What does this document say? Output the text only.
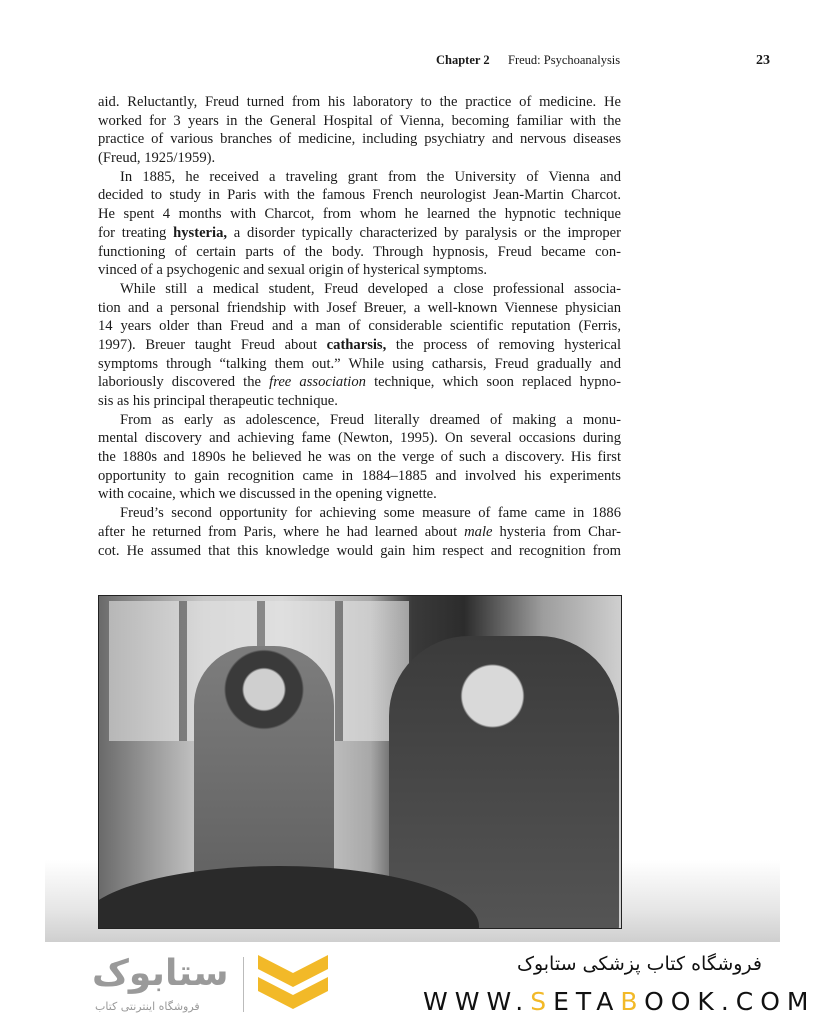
Chapter 2 Freud: Psychoanalysis	23
aid. Reluctantly, Freud turned from his laboratory to the practice of medicine. He
worked for 3 years in the General Hospital of Vienna, becoming familiar with the
practice of various branches of medicine, including psychiatry and nervous diseases
(Freud, 1925/1959).
In 1885, he received a traveling grant from the University of Vienna and
decided to study in Paris with the famous French neurologist Jean-Martin Charcot.
He spent 4 months with Charcot, from whom he learned the hypnotic technique
for treating hysteria, a disorder typically characterized by paralysis or the improper
functioning of certain parts of the body. Through hypnosis, Freud became con-
vinced of a psychogenic and sexual origin of hysterical symptoms.
While still a medical student, Freud developed a close professional associa-
tion and a personal friendship with Josef Breuer, a well-known Viennese physician
14 years older than Freud and a man of considerable scientific reputation (Ferris,
1997). Breuer taught Freud about catharsis, the process of removing hysterical
symptoms through “talking them out.” While using catharsis, Freud gradually and
laboriously discovered the free association technique, which soon replaced hypno-
sis as his principal therapeutic technique.
From as early as adolescence, Freud literally dreamed of making a monu-
mental discovery and achieving fame (Newton, 1995). On several occasions during
the 1880s and 1890s he believed he was on the verge of such a discovery. His first
opportunity to gain recognition came in 1884–1885 and involved his experiments
with cocaine, which we discussed in the opening vignette.
Freud’s second opportunity for achieving some measure of fame came in 1886
after he returned from Paris, where he had learned about male hysteria from Char-
cot. He assumed that this knowledge would gain him respect and recognition from
ستابوک
فروشگاه اینترنتی کتاب
فروشگاه کتاب پزشکی ستابوک
WWW.SETABOOK.COM
